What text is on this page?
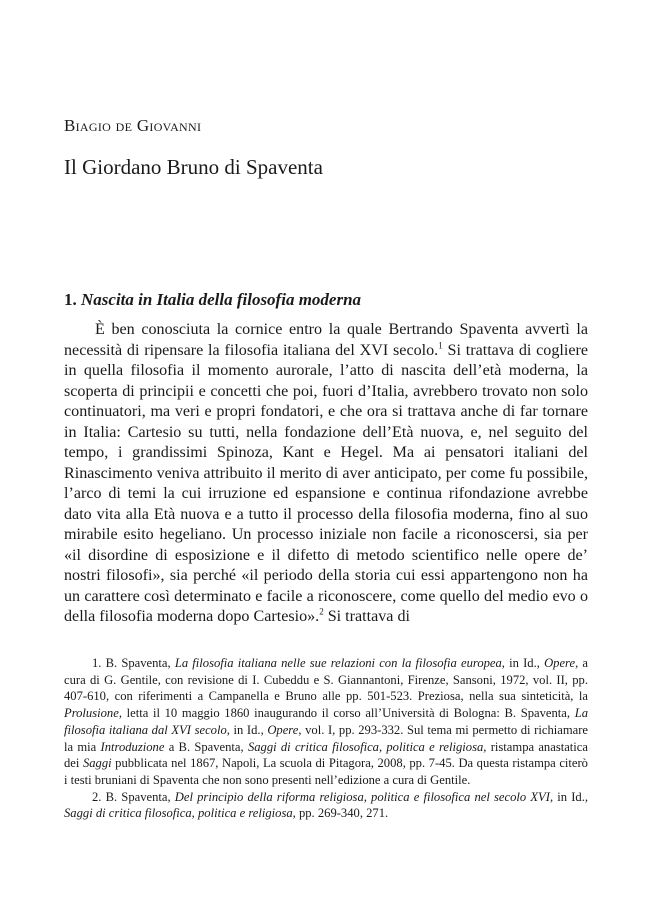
Biagio de Giovanni

Il Giordano Bruno di Spaventa
1. Nascita in Italia della filosofia moderna

È ben conosciuta la cornice entro la quale Bertrando Spaventa avvertì la necessità di ripensare la filosofia italiana del XVI secolo.$^1$ Si trattava di cogliere in quella filosofia il momento aurorale, l’atto di nascita dell’età moderna, la scoperta di principii e concetti che poi, fuori d’Italia, avrebbero trovato non solo continuatori, ma veri e propri fondatori, e che ora si trattava anche di far tornare in Italia: Cartesio su tutti, nella fondazione dell’Età nuova, e, nel seguito del tempo, i grandissimi Spinoza, Kant e Hegel. Ma ai pensatori italiani del Rinascimento veniva attribuito il merito di aver anticipato, per come fu possibile, l’arco di temi la cui irruzione ed espansione e continua rifondazione avrebbe dato vita alla Età nuova e a tutto il processo della filosofia moderna, fino al suo mirabile esito hegeliano. Un processo iniziale non facile a riconoscersi, sia per «il disordine di esposizione e il difetto di metodo scientifico nelle opere de’ nostri filosofi», sia perché «il periodo della storia cui essi appartengono non ha un carattere così determinato e facile a riconoscere, come quello del medio evo o della filosofia moderna dopo Cartesio».$^2$ Si trattava di

1. B. Spaventa, La filosofia italiana nelle sue relazioni con la filosofia europea, in Id., Opere, a cura di G. Gentile, con revisione di I. Cubeddu e S. Giannantoni, Firenze, Sansoni, 1972, vol. II, pp. 407-610, con riferimenti a Campanella e Bruno alle pp. 501-523. Preziosa, nella sua sinteticità, la Prolusione, letta il 10 maggio 1860 inaugurando il corso all’Università di Bologna: B. Spaventa, La filosofia italiana dal XVI secolo, in Id., Opere, vol. I, pp. 293-332. Sul tema mi permetto di richiamare la mia Introduzione a B. Spaventa, Saggi di critica filosofica, politica e religiosa, ristampa anastatica dei Saggi pubblicata nel 1867, Napoli, La scuola di Pitagora, 2008, pp. 7-45. Da questa ristampa citerò i testi bruniani di Spaventa che non sono presenti nell’edizione a cura di Gentile.

2. B. Spaventa, Del principio della riforma religiosa, politica e filosofica nel secolo XVI, in Id., Saggi di critica filosofica, politica e religiosa, pp. 269-340, 271.
